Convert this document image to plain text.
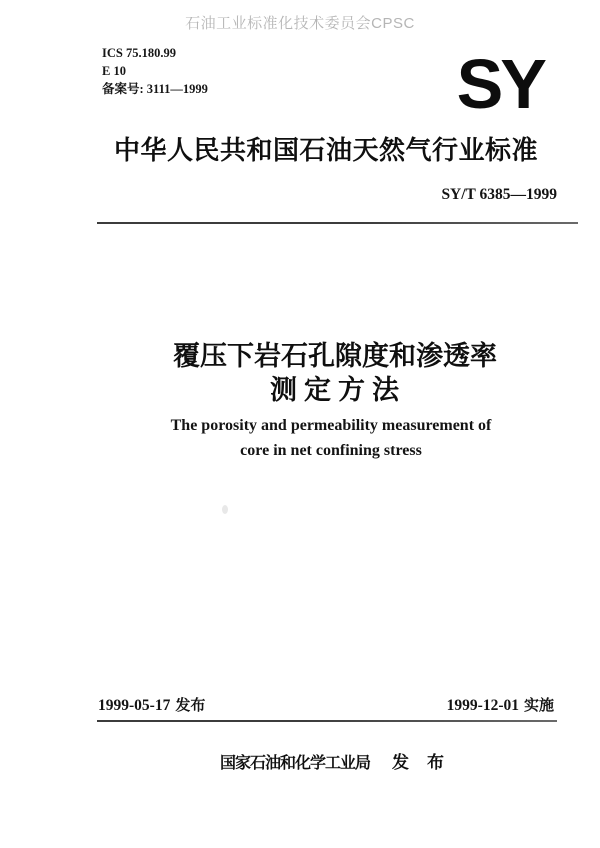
石油工业标准化技术委员会CPSC
ICS 75.180.99
E 10
备案号: 3111—1999	SY
中华人民共和国石油天然气行业标准
SY/T 6385—1999
覆压下岩石孔隙度和渗透率
测定方法
The porosity and permeability measurement of
core in net confining stress
1999-05-17 发布	1999-12-01 实施
国家石油和化学工业局 发布
